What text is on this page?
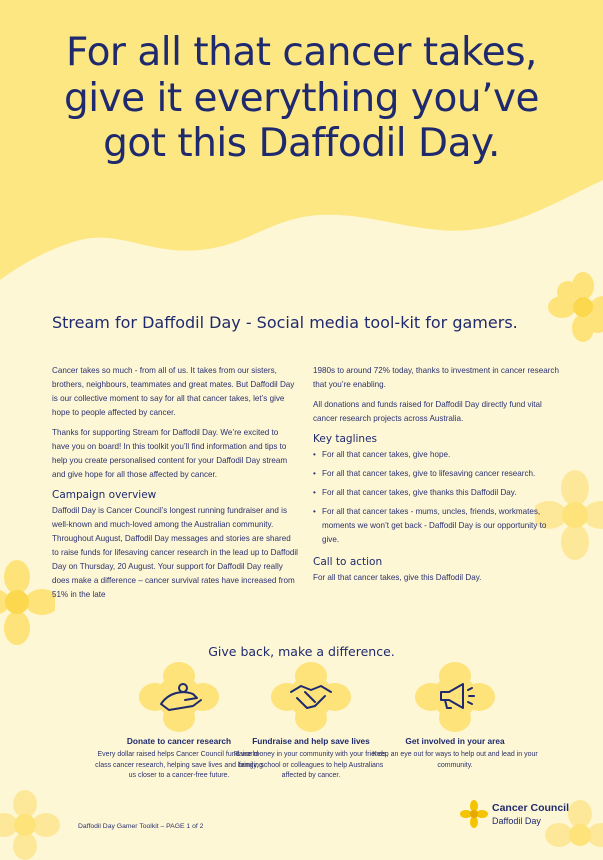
For all that cancer takes,
give it everything you’ve
got this Daffodil Day.
Stream for Daffodil Day - Social media tool-kit for gamers.

Cancer takes so much - from all of us. It takes from our sisters, brothers, neighbours, teammates and great mates. But Daffodil Day is our collective moment to say for all that cancer takes, let’s give hope to people affected by cancer.

Thanks for supporting Stream for Daffodil Day. We’re excited to have you on board! In this toolkit you’ll find information and tips to help you create personalised content for your Daffodil Day stream and give hope for all those affected by cancer.

Campaign overview

Daffodil Day is Cancer Council’s longest running fundraiser and is well-known and much-loved among the Australian community. Throughout August, Daffodil Day messages and stories are shared to raise funds for lifesaving cancer research in the lead up to Daffodil Day on Thursday, 20 August. Your support for Daffodil Day really does make a difference – cancer survival rates have increased from 51% in the late

1980s to around 72% today, thanks to investment in cancer research that you’re enabling.

All donations and funds raised for Daffodil Day directly fund vital cancer research projects across Australia.

Key taglines
• For all that cancer takes, give hope.
• For all that cancer takes, give to lifesaving cancer research.
• For all that cancer takes, give thanks this Daffodil Day.
• For all that cancer takes - mums, uncles, friends, workmates, moments we won’t get back - Daffodil Day is our opportunity to give.
Call to action

For all that cancer takes, give this Daffodil Day.

Give back, make a difference.
Donate to cancer research

Every dollar raised helps Cancer Council fund world-class cancer research, helping save lives and bringing us closer to a cancer-free future.

Fundraise and help save lives

Raise money in your community with your friends, family, school or colleagues to help Australians affected by cancer.

Get involved in your area

Keep an eye out for ways to help out and lead in your community.

Daffodil Day Gamer Toolkit – PAGE 1 of 2
Cancer Council
Daffodil Day
